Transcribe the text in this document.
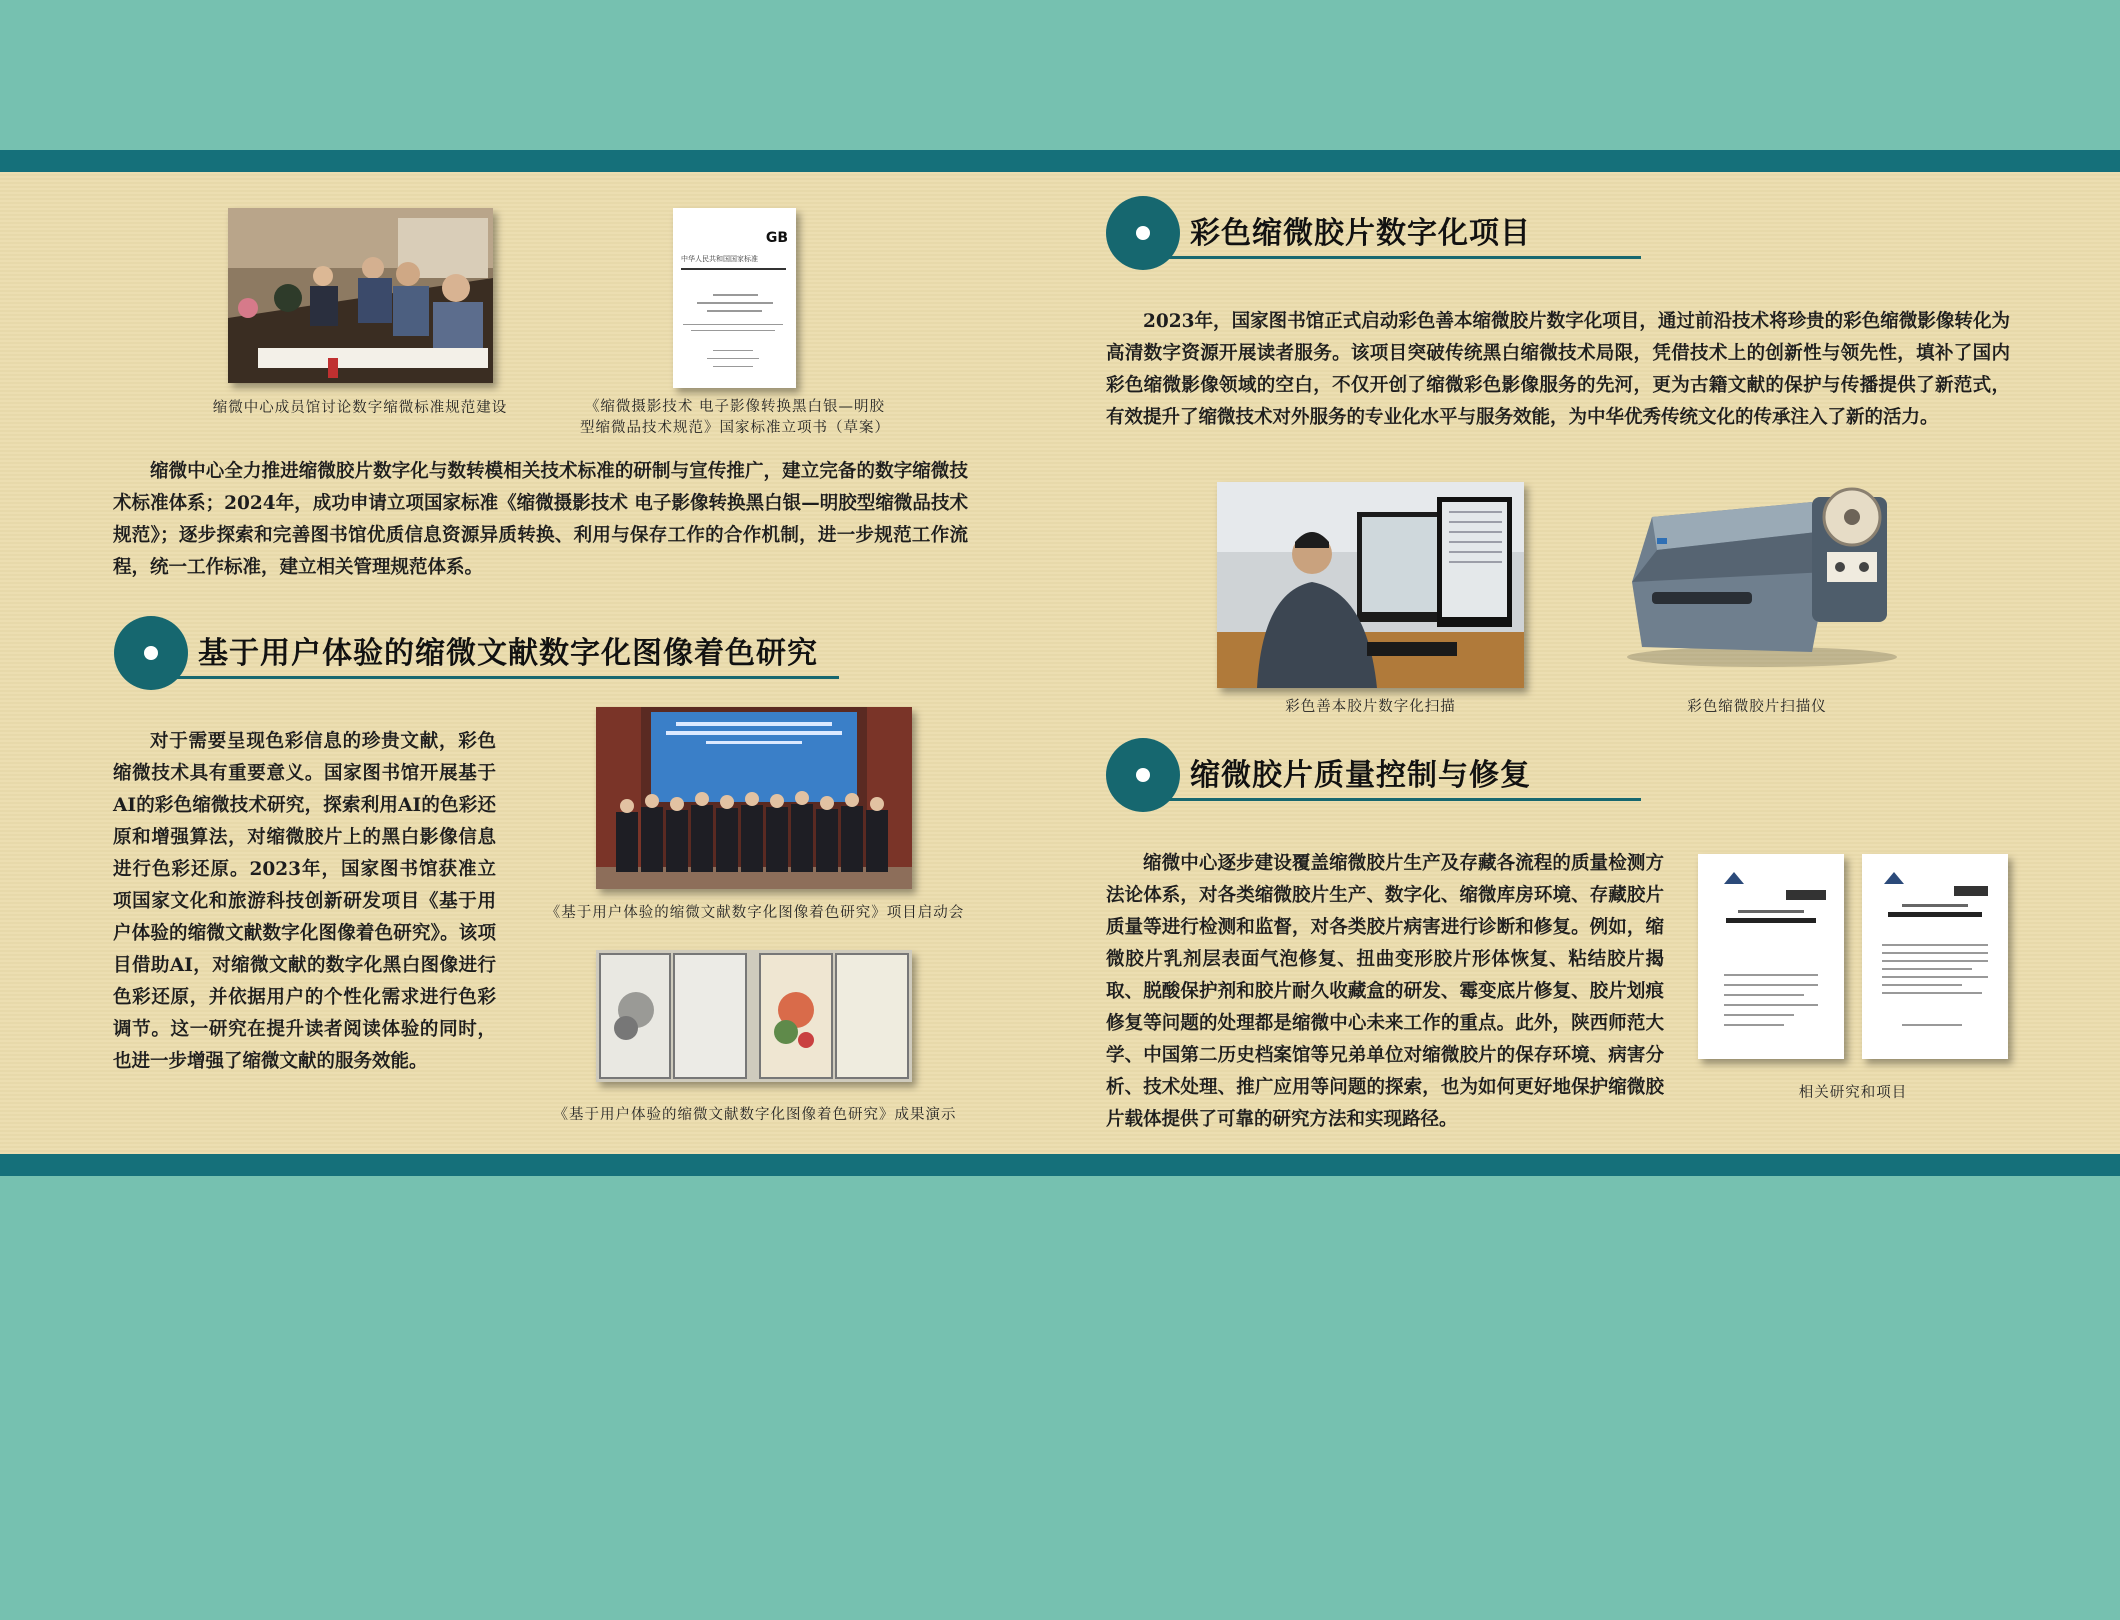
缩微中心成员馆讨论数字缩微标准规范建设
GB
中华人民共和国国家标准
《缩微摄影技术 电子影像转换黑白银—明胶
型缩微品技术规范》国家标准立项书（草案）

缩微中心全力推进缩微胶片数字化与数转模相关技术标准的研制与宣传推广，建立完备的数字缩微技术标准体系；2024年，成功申请立项国家标准《缩微摄影技术 电子影像转换黑白银—明胶型缩微品技术规范》；逐步探索和完善图书馆优质信息资源异质转换、利用与保存工作的合作机制，进一步规范工作流程，统一工作标准，建立相关管理规范体系。

基于用户体验的缩微文献数字化图像着色研究

对于需要呈现色彩信息的珍贵文献，彩色缩微技术具有重要意义。国家图书馆开展基于AI的彩色缩微技术研究，探索利用AI的色彩还原和增强算法，对缩微胶片上的黑白影像信息进行色彩还原。2023年，国家图书馆获准立项国家文化和旅游科技创新研发项目《基于用户体验的缩微文献数字化图像着色研究》。该项目借助AI，对缩微文献的数字化黑白图像进行色彩还原，并依据用户的个性化需求进行色彩调节。这一研究在提升读者阅读体验的同时，也进一步增强了缩微文献的服务效能。

《基于用户体验的缩微文献数字化图像着色研究》项目启动会
《基于用户体验的缩微文献数字化图像着色研究》成果演示
彩色缩微胶片数字化项目

2023年，国家图书馆正式启动彩色善本缩微胶片数字化项目，通过前沿技术将珍贵的彩色缩微影像转化为高清数字资源开展读者服务。该项目突破传统黑白缩微技术局限，凭借技术上的创新性与领先性，填补了国内彩色缩微影像领域的空白，不仅开创了缩微彩色影像服务的先河，更为古籍文献的保护与传播提供了新范式，有效提升了缩微技术对外服务的专业化水平与服务效能，为中华优秀传统文化的传承注入了新的活力。

彩色善本胶片数字化扫描	彩色缩微胶片扫描仪
缩微胶片质量控制与修复

缩微中心逐步建设覆盖缩微胶片生产及存藏各流程的质量检测方法论体系，对各类缩微胶片生产、数字化、缩微库房环境、存藏胶片质量等进行检测和监督，对各类胶片病害进行诊断和修复。例如，缩微胶片乳剂层表面气泡修复、扭曲变形胶片形体恢复、粘结胶片揭取、脱酸保护剂和胶片耐久收藏盒的研发、霉变底片修复、胶片划痕修复等问题的处理都是缩微中心未来工作的重点。此外，陕西师范大学、中国第二历史档案馆等兄弟单位对缩微胶片的保存环境、病害分析、技术处理、推广应用等问题的探索，也为如何更好地保护缩微胶片载体提供了可靠的研究方法和实现路径。

相关研究和项目
